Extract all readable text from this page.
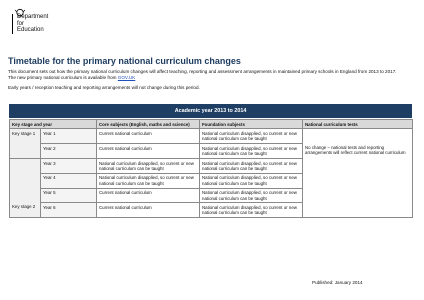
Department
for Education
Timetable for the primary national curriculum changes

This document sets out how the primary national curriculum changes will affect teaching, reporting and assessment arrangements in maintained primary schools in England from 2013 to 2017. The new primary national curriculum is available from GOV.UK

Early years / reception teaching and reporting arrangements will not change during this period.

Academic year 2013 to 2014
Key stage and year		Core subjects (English, maths and science)	Foundation subjects	National curriculum tests
Key stage 1	Year 1	Current national curriculum	National curriculum disapplied, so current or new national curriculum can be taught	No change – national tests and reporting arrangements will reflect current national curriculum

	Year 2	Current national curriculum	National curriculum disapplied, so current or new national curriculum can be taught	
Key stage 2	Year 3	National curriculum disapplied, so current or new national curriculum can be taught	National curriculum disapplied, so current or new national curriculum can be taught	
	Year 4	National curriculum disapplied, so current or new national curriculum can be taught	National curriculum disapplied, so current or new national curriculum can be taught	
	Year 5	Current national curriculum	National curriculum disapplied, so current or new national curriculum can be taught	
	Year 6	Current national curriculum	National curriculum disapplied, so current or new national curriculum can be taught	
Published: January 2014
